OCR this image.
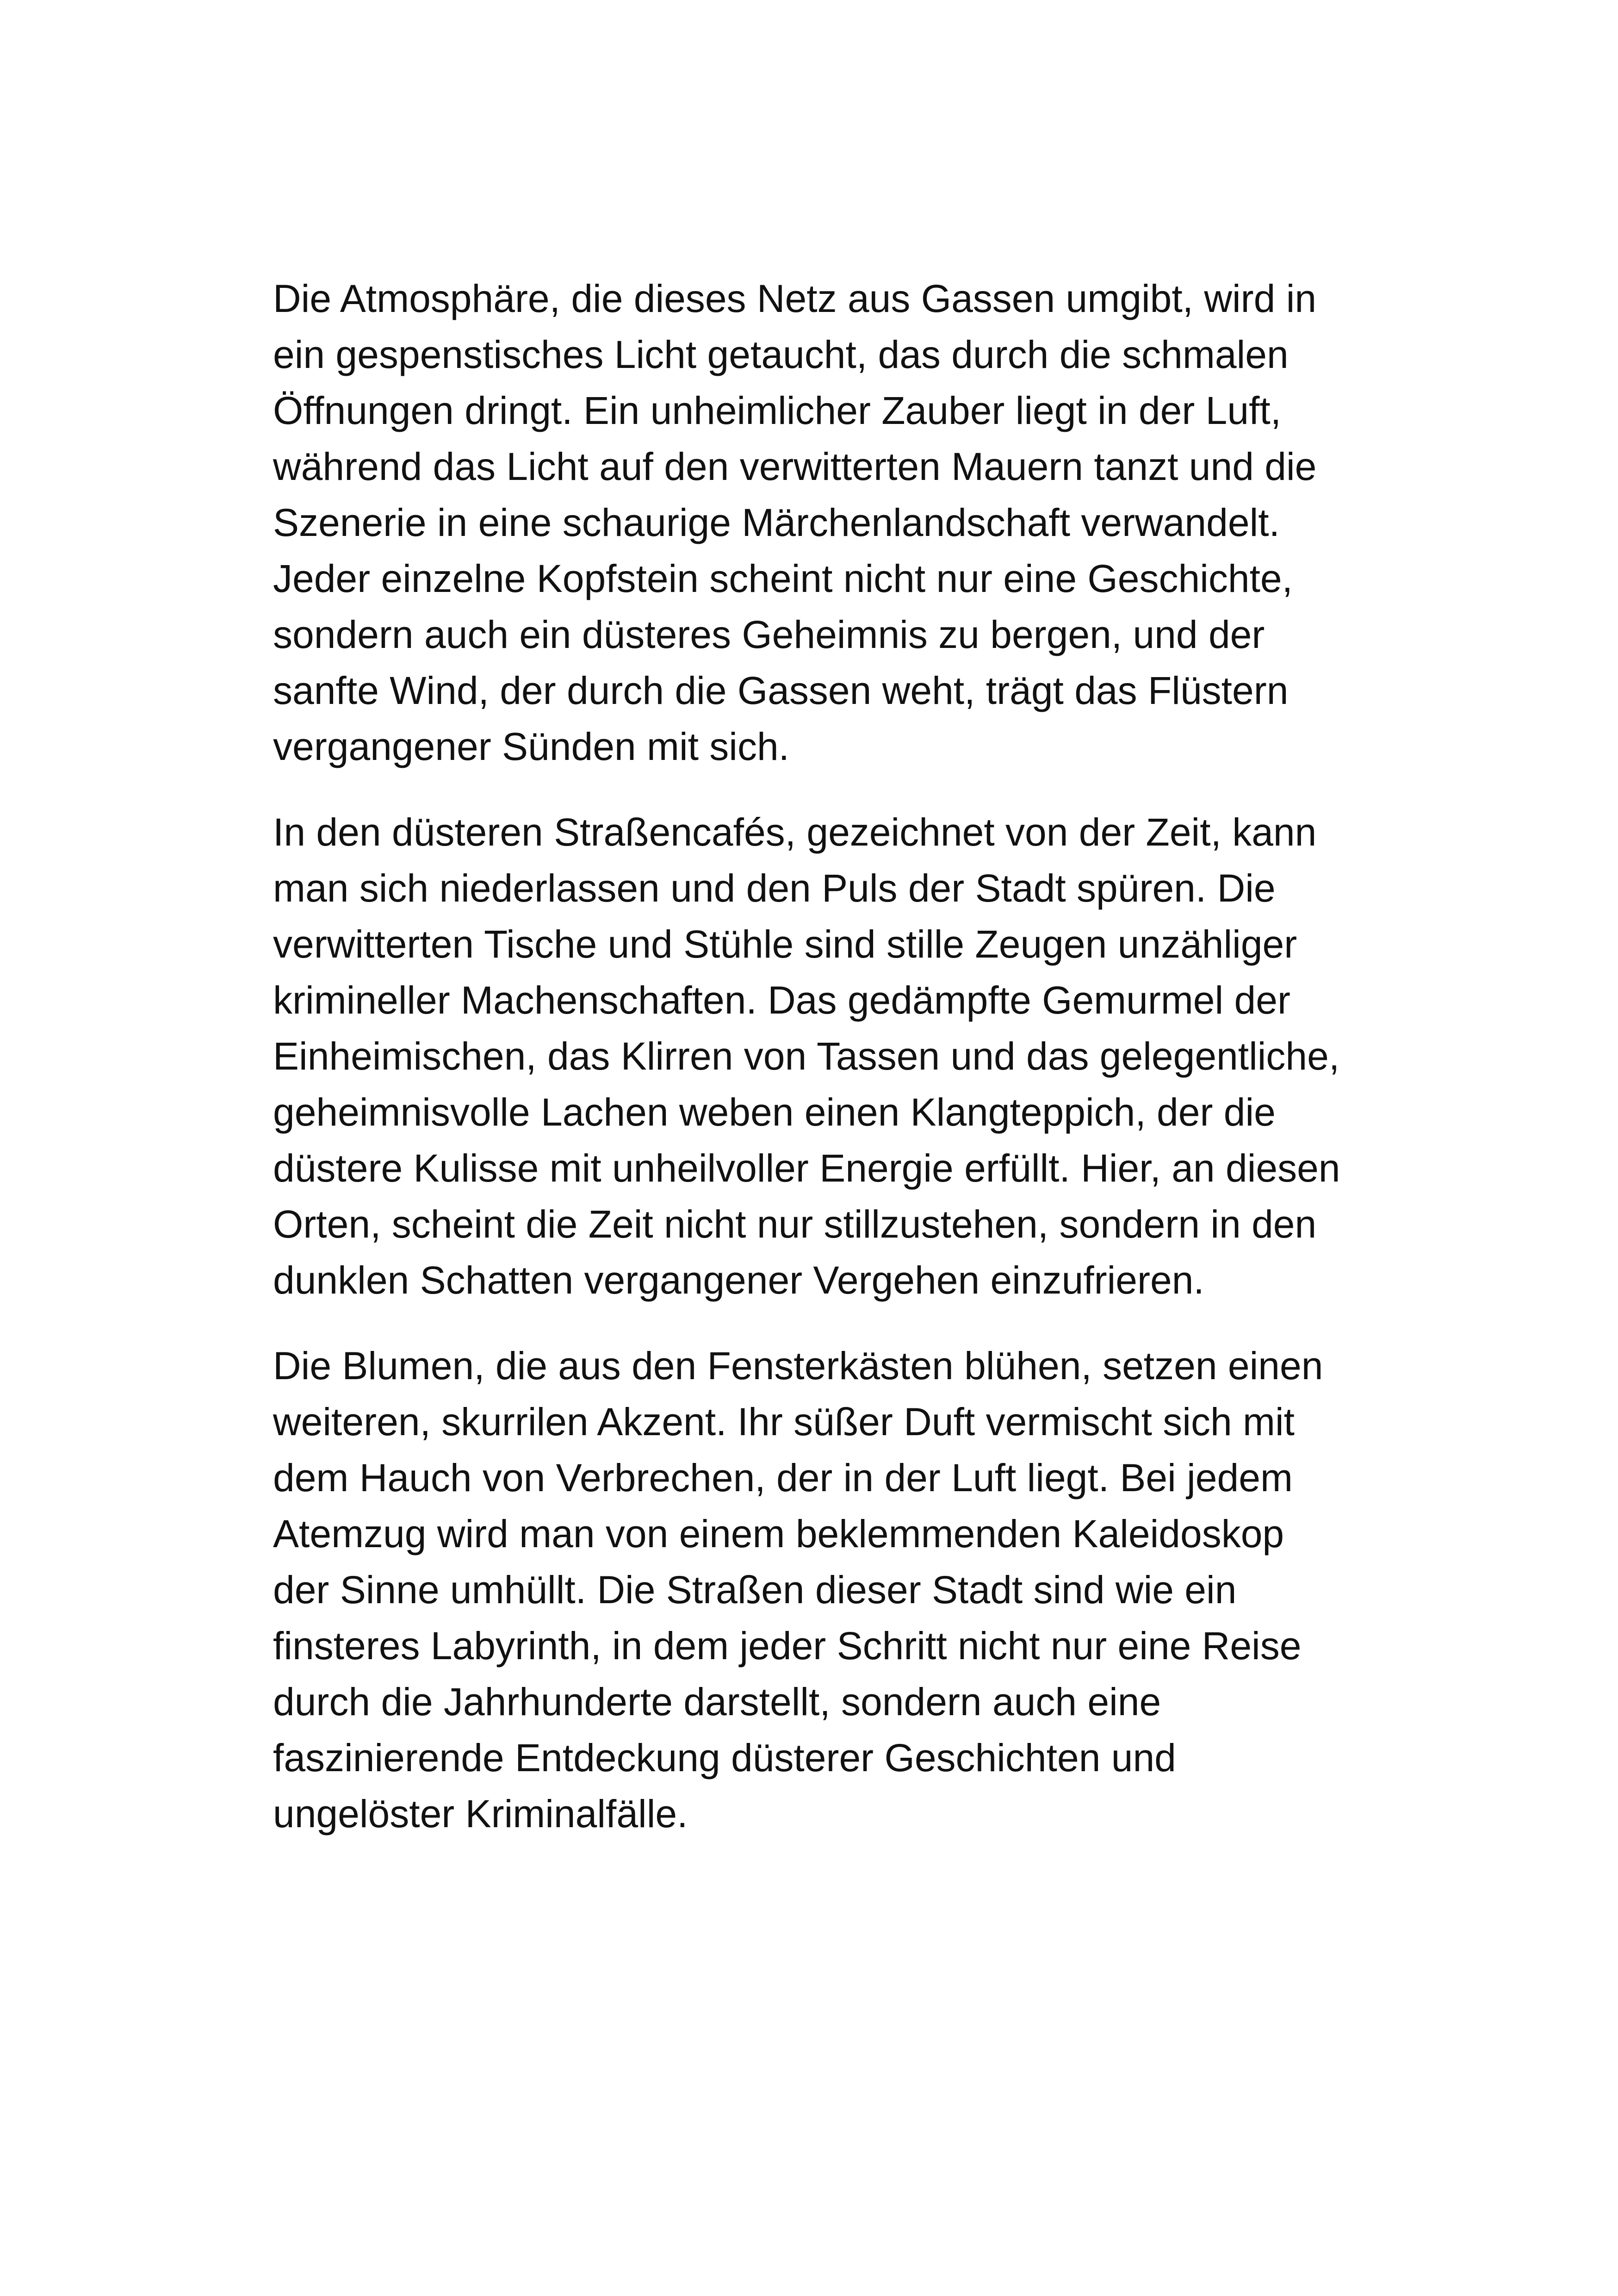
Die Atmosphäre, die dieses Netz aus Gassen umgibt, wird in
ein gespenstisches Licht getaucht, das durch die schmalen
Öffnungen dringt. Ein unheimlicher Zauber liegt in der Luft,
während das Licht auf den verwitterten Mauern tanzt und die
Szenerie in eine schaurige Märchenlandschaft verwandelt.
Jeder einzelne Kopfstein scheint nicht nur eine Geschichte,
sondern auch ein düsteres Geheimnis zu bergen, und der
sanfte Wind, der durch die Gassen weht, trägt das Flüstern
vergangener Sünden mit sich.

In den düsteren Straßencafés, gezeichnet von der Zeit, kann
man sich niederlassen und den Puls der Stadt spüren. Die
verwitterten Tische und Stühle sind stille Zeugen unzähliger
krimineller Machenschaften. Das gedämpfte Gemurmel der
Einheimischen, das Klirren von Tassen und das gelegentliche,
geheimnisvolle Lachen weben einen Klangteppich, der die
düstere Kulisse mit unheilvoller Energie erfüllt. Hier, an diesen
Orten, scheint die Zeit nicht nur stillzustehen, sondern in den
dunklen Schatten vergangener Vergehen einzufrieren.

Die Blumen, die aus den Fensterkästen blühen, setzen einen
weiteren, skurrilen Akzent. Ihr süßer Duft vermischt sich mit
dem Hauch von Verbrechen, der in der Luft liegt. Bei jedem
Atemzug wird man von einem beklemmenden Kaleidoskop
der Sinne umhüllt. Die Straßen dieser Stadt sind wie ein
finsteres Labyrinth, in dem jeder Schritt nicht nur eine Reise
durch die Jahrhunderte darstellt, sondern auch eine
faszinierende Entdeckung düsterer Geschichten und
ungelöster Kriminalfälle.
